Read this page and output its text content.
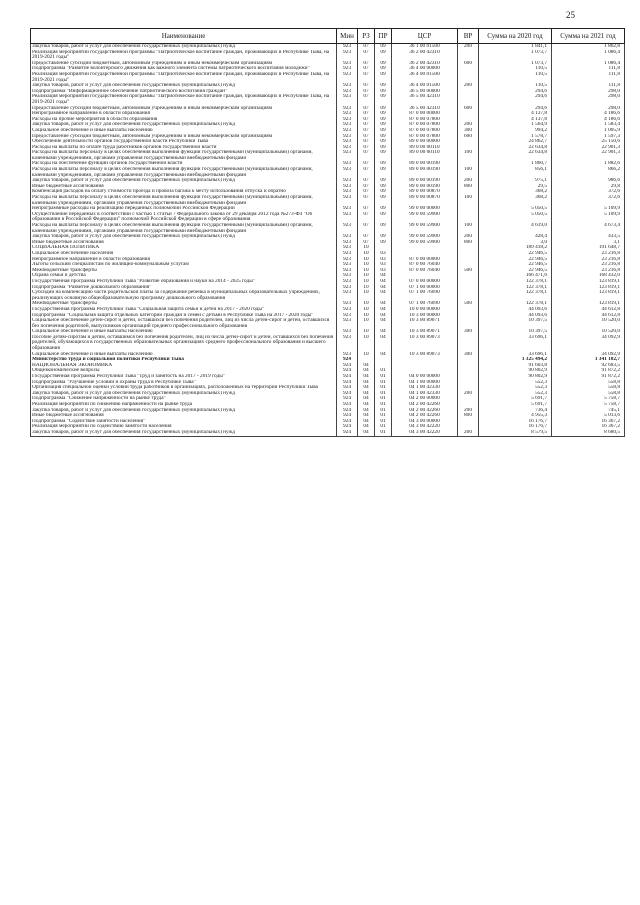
25
Наименование	Мин	РЗ	ПР	ЦСР	ВР	Сумма на 2020 год	Сумма на 2021 год
Закупка товаров, работ и услуг для обеспечения государственных (муниципальных) нужд	923	07	09	36 1 00 01500	200	1 841,1	1 862,8
Реализация мероприятий государственной программы "Патриотическое воспитание граждан, проживающих в Республике Тыва, на 2019-2021 годы"	923	07	09	36 2 00 42310		1 073,7	1 086,4
Предоставление субсидий бюджетным, автономным учреждениям и иным некоммерческим организациям	923	07	09	36 2 00 42310	600	1 073,7	1 086,4
Подпрограмма "Развитие волонтерского движения как важного элемента системы патриотического воспитания молодежи"	923	07	09	36 4 00 00000		110,5	111,8
Реализация мероприятий государственной программы "Патриотическое воспитание граждан, проживающих в Республике Тыва, на 2019-2021 годы"	923	07	09	36 4 00 01500		110,5	111,8
Закупка товаров, работ и услуг для обеспечения государственных (муниципальных) нужд	923	07	09	36 4 00 01500	200	110,5	111,8
Подпрограмма "Информационное обеспечение патриотического воспитания граждан"	923	07	09	36 5 00 00000		294,6	298,0
Реализация мероприятий государственной программы "Патриотическое воспитание граждан, проживающих в Республике Тыва, на 2019-2021 годы"	923	07	09	36 5 00 42310		294,6	298,0
Предоставление субсидий бюджетным, автономным учреждениям и иным некоммерческим организациям	923	07	09	36 5 00 42310	600	294,6	298,0
Непрограммное направление в области образования	923	07	09	87 0 00 00000		4 137,8	4 186,6
Расходы на прочие мероприятия в области образования	923	07	09	87 0 00 07800		4 137,8	4 186,6
Закупка товаров, работ и услуг для обеспечения государственных (муниципальных) нужд	923	07	09	87 0 00 07800	200	1 564,9	1 583,4
Социальное обеспечение и иные выплаты населению	923	07	09	87 0 00 07800	300	994,2	1 005,9
Предоставление субсидий бюджетным, автономным учреждениям и иным некоммерческим организациям	923	07	09	87 0 00 07800	600	1 578,7	1 597,3
Обеспечение деятельности органов государственной власти Республики Тыва	923	07	09	89 0 00 00000		24 862,7	25 150,6
Расходы на выплаты по оплате труда работников органов государственной власти	923	07	09	89 0 00 00110		22 634,8	22 901,3
Расходы на выплаты персоналу в целях обеспечения выполнения функций государственными (муниципальными) органами, казенными учреждениями, органами управления государственными внебюджетными фондами	923	07	09	89 0 00 00110	100	22 634,8	22 901,3
Расходы на обеспечение функций органов государственной власти	923	07	09	89 0 00 00190		1 860,7	1 882,6
Расходы на выплаты персоналу в целях обеспечения выполнения функций государственными (муниципальными) органами, казенными учреждениями, органами управления государственными внебюджетными фондами	923	07	09	89 0 00 00190	100	856,1	866,2
Закупка товаров, работ и услуг для обеспечения государственных (муниципальных) нужд	923	07	09	89 0 00 00190	200	975,1	986,6
Иные бюджетные ассигнования	923	07	09	89 0 00 00190	800	29,5	29,8
Компенсация расходов на оплату стоимости проезда и провоза багажа к месту использования отпуска и обратно	923	07	09	89 0 00 00870		368,2	372,6
Расходы на выплаты персоналу в целях обеспечения выполнения функций государственными (муниципальными) органами, казенными учреждениями, органами управления государственными внебюджетными фондами	923	07	09	89 0 00 00870	100	368,2	372,6
Непрограммные расходы на реализацию переданных полномочий Российской Федерации	923	07	09	99 0 00 00000		5 050,5	5 109,9
Осуществление переданных в соответствии с частью 1 статьи 7 Федерального закона от 29 декабря 2012 года №273-ФЗ "Об образовании в Российской Федерации" полномочий Российской Федерации в сфере образования	923	07	09	99 0 00 59900		5 050,5	5 109,9
Расходы на выплаты персоналу в целях обеспечения выполнения функций государственными (муниципальными) органами, казенными учреждениями, органами управления государственными внебюджетными фондами	923	07	09	99 0 00 59900	100	4 619,0	4 673,4
Закупка товаров, работ и услуг для обеспечения государственных (муниципальных) нужд	923	07	09	99 0 00 59900	200	428,4	433,5
Иные бюджетные ассигнования	923	07	09	99 0 00 59900	800	3,0	3,1
СОЦИАЛЬНАЯ ПОЛИТИКА	923	10				189 418,2	191 648,7
Социальное обеспечение населения	923	10	03			22 946,5	23 216,8
Непрограммное направление в области образования	923	10	03	87 0 00 00000		22 946,5	23 216,8
Льготы сельским специалистам по жилищно-коммунальным услугам	923	10	03	87 0 00 76040		22 946,5	23 216,8
Межбюджетные трансферты	923	10	03	87 0 00 76040	500	22 946,5	23 216,8
Охрана семьи и детства	923	10	04			166 471,6	168 432,0
Государственная программа Республики Тыва "Развитие образования и науки на 2014 - 2025 годы"	923	10	04	07 0 00 00000		122 378,1	123 819,1
Подпрограмма "Развитие дошкольного образования"	923	10	04	07 1 00 00000		122 378,1	123 819,1
Субсидии на компенсацию части родительской платы за содержание ребенка в муниципальных образовательных учреждениях, реализующих основную общеобразовательную программу дошкольного образования	923	10	04	07 1 00 76090		122 378,1	123 819,1
Межбюджетные трансферты	923	10	04	07 1 00 76090	500	122 378,1	123 819,1
Государственная программа Республики Тыва "Социальная защита семьи и детей на 2017 - 2020 годы"	923	10	04	10 0 00 00000		44 093,6	44 612,8
Подпрограмма "Социальная защита отдельных категорий граждан и семей с детьми в Республике Тыва на 2017 - 2020 годы"	923	10	04	10 3 00 00000		44 093,6	44 612,8
Социальное обеспечение детей-сирот и детей, оставшихся без попечения родителей, лиц из числа детей-сирот и детей, оставшихся без попечения родителей, выпускников организаций среднего профессионального образования	923	10	04	10 3 00 89071		10 397,5	10 520,0
Социальное обеспечение и иные выплаты населению	923	10	04	10 3 00 89071	300	10 397,5	10 520,0
Пособие детям-сиротам и детям, оставшимся без попечения родителей, лиц из числа детей-сирот и детей, оставшихся без попечения родителей, обучающихся в государственных образовательных организациях среднего профессионального образования и высшего образования	923	10	04	10 3 00 89073		33 696,1	34 092,9
Социальное обеспечение и иные выплаты населению	923	10	04	10 3 00 89073	300	33 696,1	34 092,9
Министерство труда и социальной политики Республики Тыва	924					1 325 494,2	1 341 102,7
НАЦИОНАЛЬНАЯ ЭКОНОМИКА	924	04				91 603,8	92 683,5
Общеэкономические вопросы	924	04	01			90 802,9	91 872,2
Государственная программа Республики Тыва "Труд и занятость на 2017 - 2019 годы"	924	04	01	04 0 00 00000		90 802,9	91 872,2
Подпрограмма "Улучшение условий и охраны труда в Республике Тыва"	924	04	01	04 1 00 00000		552,3	558,8
Организация специальной оценки условий труда работников в организациях, расположенных на территории Республики Тыва	924	04	01	04 1 00 42330		552,3	558,8
Закупка товаров, работ и услуг для обеспечения государственных (муниципальных) нужд	924	04	01	04 1 00 42330	200	552,3	558,8
Подпрограмма "Снижение напряженности на рынке труда"	924	04	01	04 2 00 00000		5 691,7	5 758,7
Реализация мероприятий по снижению напряженности на рынке труда	924	04	01	04 2 00 42260		5 691,7	5 758,7
Закупка товаров, работ и услуг для обеспечения государственных (муниципальных) нужд	924	04	01	04 2 00 42260	200	736,4	745,1
Иные бюджетные ассигнования	924	04	01	04 2 00 42260	800	4 955,3	5 013,6
Подпрограмма "Содействие занятости населения"	924	04	01	04 3 00 00000		16 176,7	16 367,2
Реализация мероприятий по содействию занятости населения	924	04	01	04 3 00 42220		16 176,7	16 367,2
Закупка товаров, работ и услуг для обеспечения государственных (муниципальных) нужд	924	04	01	04 3 00 42220	200	8 579,5	8 680,5
